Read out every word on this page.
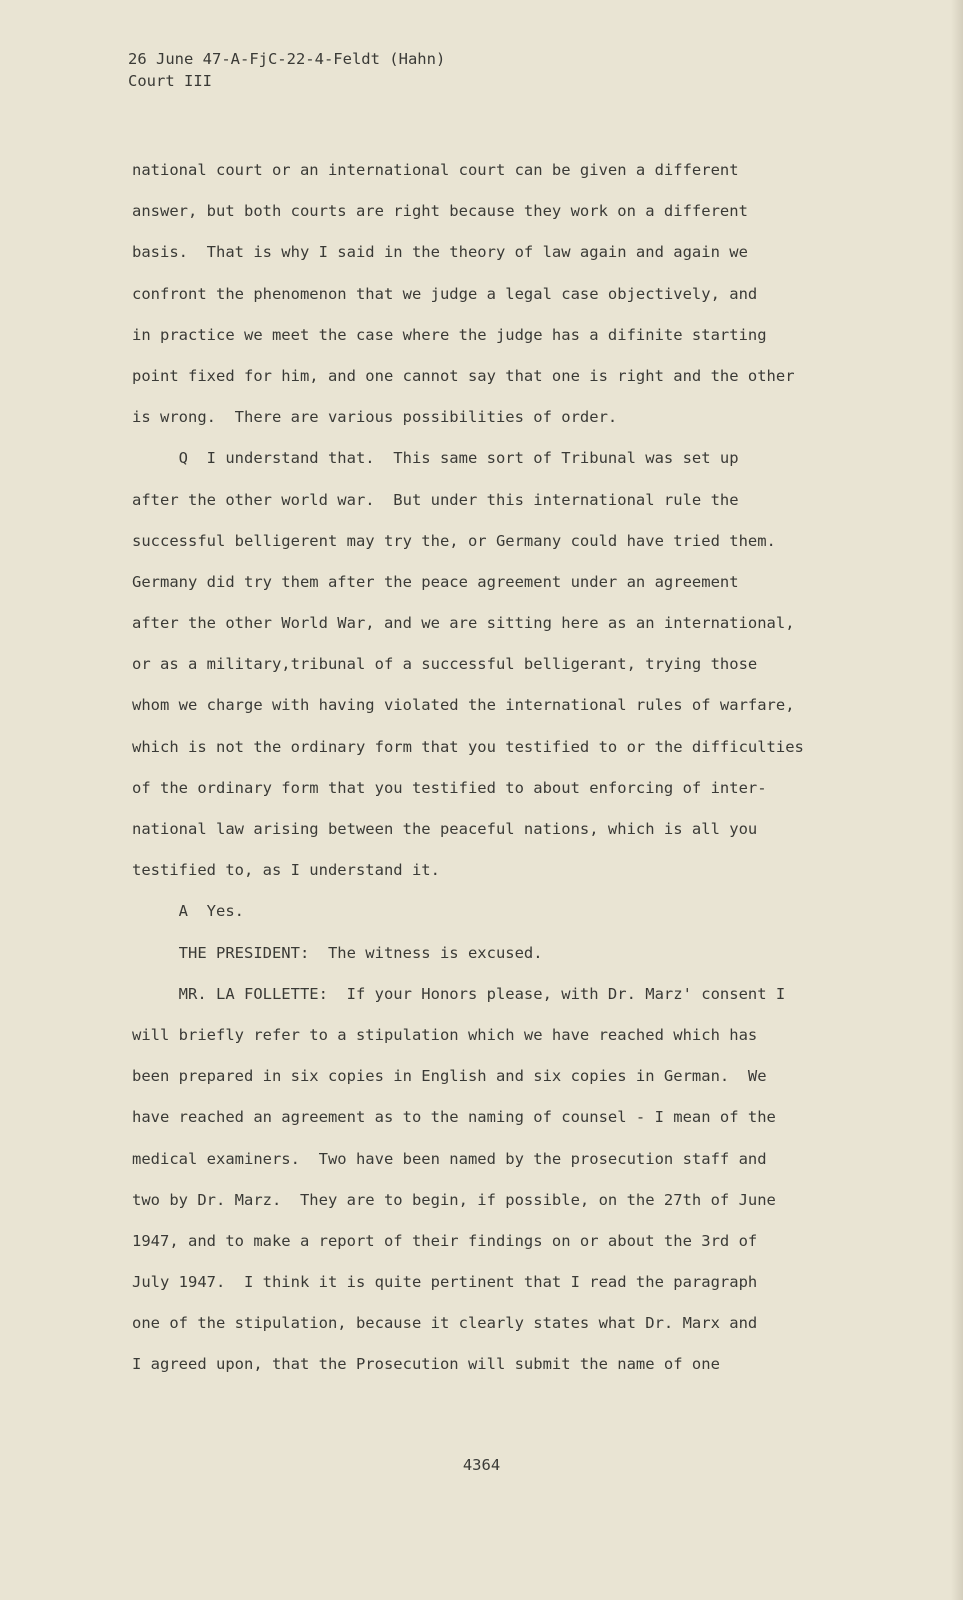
26 June 47-A-FjC-22-4-Feldt (Hahn)
Court III
national court or an international court can be given a different
answer, but both courts are right because they work on a different
basis.  That is why I said in the theory of law again and again we
confront the phenomenon that we judge a legal case objectively, and
in practice we meet the case where the judge has a difinite starting
point fixed for him, and one cannot say that one is right and the other
is wrong.  There are various possibilities of order.
Q  I understand that.  This same sort of Tribunal was set up
after the other world war.  But under this international rule the
successful belligerent may try the, or Germany could have tried them.
Germany did try them after the peace agreement under an agreement
after the other World War, and we are sitting here as an international,
or as a military,tribunal of a successful belligerant, trying those
whom we charge with having violated the international rules of warfare,
which is not the ordinary form that you testified to or the difficulties
of the ordinary form that you testified to about enforcing of inter-
national law arising between the peaceful nations, which is all you
testified to, as I understand it.
A  Yes.
THE PRESIDENT:  The witness is excused.
MR. LA FOLLETTE:  If your Honors please, with Dr. Marz' consent I
will briefly refer to a stipulation which we have reached which has
been prepared in six copies in English and six copies in German.  We
have reached an agreement as to the naming of counsel - I mean of the
medical examiners.  Two have been named by the prosecution staff and
two by Dr. Marz.  They are to begin, if possible, on the 27th of June
1947, and to make a report of their findings on or about the 3rd of
July 1947.  I think it is quite pertinent that I read the paragraph
one of the stipulation, because it clearly states what Dr. Marx and
I agreed upon, that the Prosecution will submit the name of one
4364
